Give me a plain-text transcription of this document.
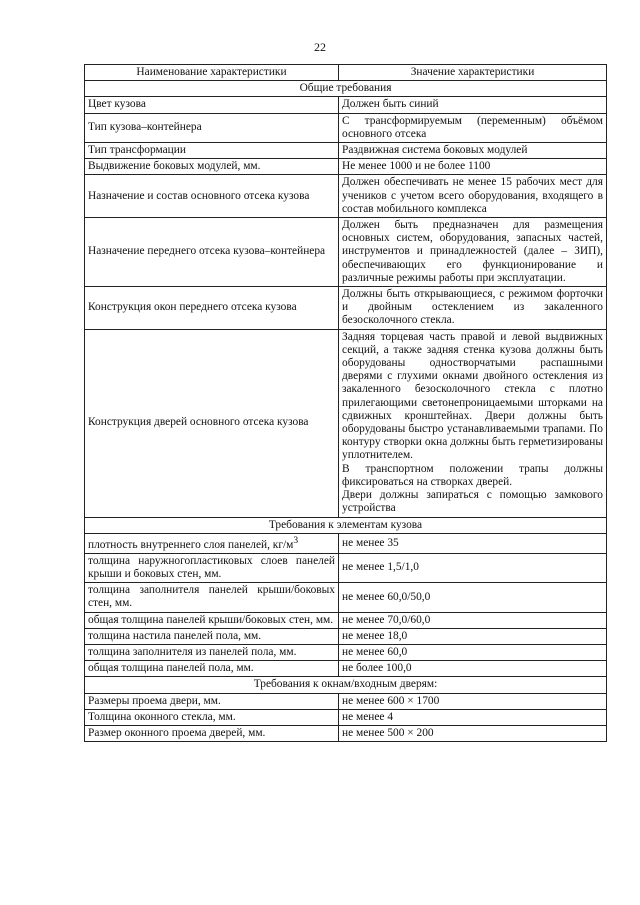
22
Наименование характеристики	Значение характеристики
Общие требования	
Цвет кузова	Должен быть синий

Тип кузова–контейнера	С трансформируемым (переменным) объёмом основного отсека

Тип трансформации	Раздвижная система боковых модулей

Выдвижение боковых модулей, мм.	Не менее 1000 и не более 1100

Назначение и состав основного отсека кузова	Должен обеспечивать не менее 15 рабочих мест для учеников с учетом всего оборудования, входящего в состав мобильного комплекса

Назначение переднего отсека кузова–контейнера	Должен быть предназначен для размещения основных систем, оборудования, запасных частей, инструментов и принадлежностей (далее – ЗИП), обеспечивающих его функционирование и различные режимы работы при эксплуатации.

Конструкция окон переднего отсека кузова	Должны быть открывающиеся, с режимом форточки и двойным остеклением из закаленного безосколочного стекла.

Конструкция дверей основного отсека кузова	Задняя торцевая часть правой и левой выдвижных секций, а также задняя стенка кузова должны быть оборудованы одностворчатыми распашными дверями с глухими окнами двойного остекления из закаленного безосколочного стекла с плотно прилегающими светонепроницаемыми шторками на сдвижных кронштейнах. Двери должны быть оборудованы быстро устанавливаемыми трапами. По контуру створки окна должны быть герметизированы уплотнителем.
В транспортном положении трапы должны фиксироваться на створках дверей.
Двери должны запираться с помощью замкового устройства

Требования к элементам кузова	
плотность внутреннего слоя панелей, $кг/м^3$	не менее 35

толщина наружногопластиковых слоев панелей крыши и боковых стен, мм.	не менее 1,5/1,0

толщина заполнителя панелей крыши/боковых стен, мм.	не менее 60,0/50,0

общая толщина панелей крыши/боковых стен, мм.	не менее 70,0/60,0

толщина настила панелей пола, мм.	не менее 18,0

толщина заполнителя из панелей пола, мм.	не менее 60,0

общая толщина панелей пола, мм.	не более 100,0

Требования к окнам/входным дверям:	
Размеры проема двери, мм.	не менее 600 × 1700

Толщина оконного стекла, мм.	не менее 4

Размер оконного проема дверей, мм.	не менее 500 × 200
